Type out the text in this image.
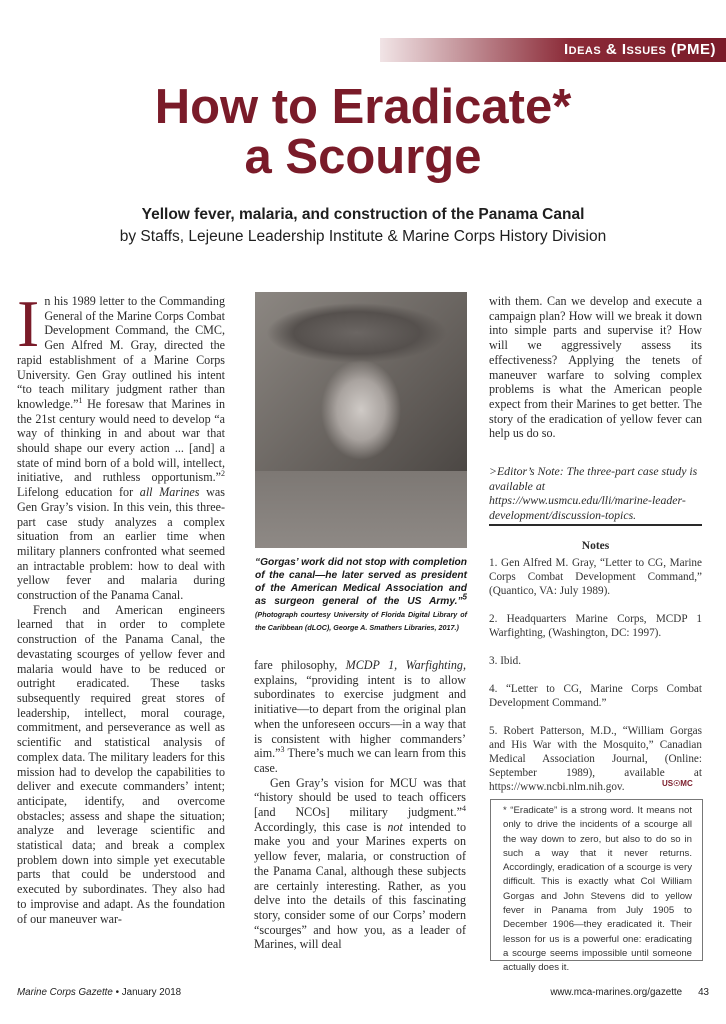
Ideas & Issues (PME)
How to Eradicate*
a Scourge
Yellow fever, malaria, and construction of the Panama Canal
by Staffs, Lejeune Leadership Institute & Marine Corps History Division

In his 1989 letter to the Commanding General of the Marine Corps Combat Development Command, the CMC, Gen Alfred M. Gray, directed the rapid establishment of a Marine Corps University. Gen Gray outlined his intent “to teach military judgment rather than knowledge.”$^1$ He foresaw that Marines in the 21st century would need to develop “a way of thinking in and about war that should shape our every action ... [and] a state of mind born of a bold will, intellect, initiative, and ruthless opportunism.”$^2$ Lifelong education for all Marines was Gen Gray’s vision. In this vein, this three-part case study analyzes a complex situation from an earlier time when military planners confronted what seemed an intractable problem: how to deal with yellow fever and malaria during construction of the Panama Canal.

French and American engineers learned that in order to complete construction of the Panama Canal, the devastating scourges of yellow fever and malaria would have to be reduced or outright eradicated. These tasks subsequently required great stores of leadership, intellect, moral courage, commitment, and perseverance as well as scientific and statistical analysis of complex data. The military leaders for this mission had to develop the capabilities to deliver and execute commanders’ intent; anticipate, identify, and overcome obstacles; assess and shape the situation; analyze and leverage scientific and statistical data; and break a complex problem down into simple yet executable parts that could be understood and executed by subordinates. They also had to improvise and adapt. As the foundation of our maneuver war-

“Gorgas’ work did not stop with completion of the canal—he later served as president of the American Medical Association and as surgeon general of the US Army.”$^5$ (Photograph courtesy University of Florida Digital Library of the Caribbean (dLOC), George A. Smathers Libraries, 2017.)

fare philosophy, MCDP 1, Warfighting, explains, “providing intent is to allow subordinates to exercise judgment and initiative—to depart from the original plan when the unforeseen occurs—in a way that is consistent with higher commanders’ aim.”$^3$ There’s much we can learn from this case.

Gen Gray’s vision for MCU was that “history should be used to teach officers [and NCOs] military judgment.”$^4$ Accordingly, this case is not intended to make you and your Marines experts on yellow fever, malaria, or construction of the Panama Canal, although these subjects are certainly interesting. Rather, as you delve into the details of this fascinating story, consider some of our Corps’ modern “scourges” and how you, as a leader of Marines, will deal

with them. Can we develop and execute a campaign plan? How will we break it down into simple parts and supervise it? How will we aggressively assess its effectiveness? Applying the tenets of maneuver warfare to solving complex problems is what the American people expect from their Marines to get better. The story of the eradication of yellow fever can help us do so.

>Editor’s Note: The three-part case study is available at https://www.usmcu.edu/lli/marine-leader-development/discussion-topics.
Notes
1. Gen Alfred M. Gray, “Letter to CG, Marine Corps Combat Development Command,” (Quantico, VA: July 1989).
2. Headquarters Marine Corps, MCDP 1 Warfighting, (Washington, DC: 1997).
3. Ibid.
4. “Letter to CG, Marine Corps Combat Development Command.”
5. Robert Patterson, M.D., “William Gorgas and His War with the Mosquito,” Canadian Medical Association Journal, (Online: September 1989), available at https://www.ncbi.nlm.nih.gov.	US☉MC
* “Eradicate” is a strong word. It means not only to drive the incidents of a scourge all the way down to zero, but also to do so in such a way that it never returns. Accordingly, eradication of a scourge is very difficult. This is exactly what Col William Gorgas and John Stevens did to yellow fever in Panama from July 1905 to December 1906—they eradicated it. Their lesson for us is a powerful one: eradicating a scourge seems impossible until someone actually does it.
Marine Corps Gazette • January 2018	www.mca-marines.org/gazette 43
